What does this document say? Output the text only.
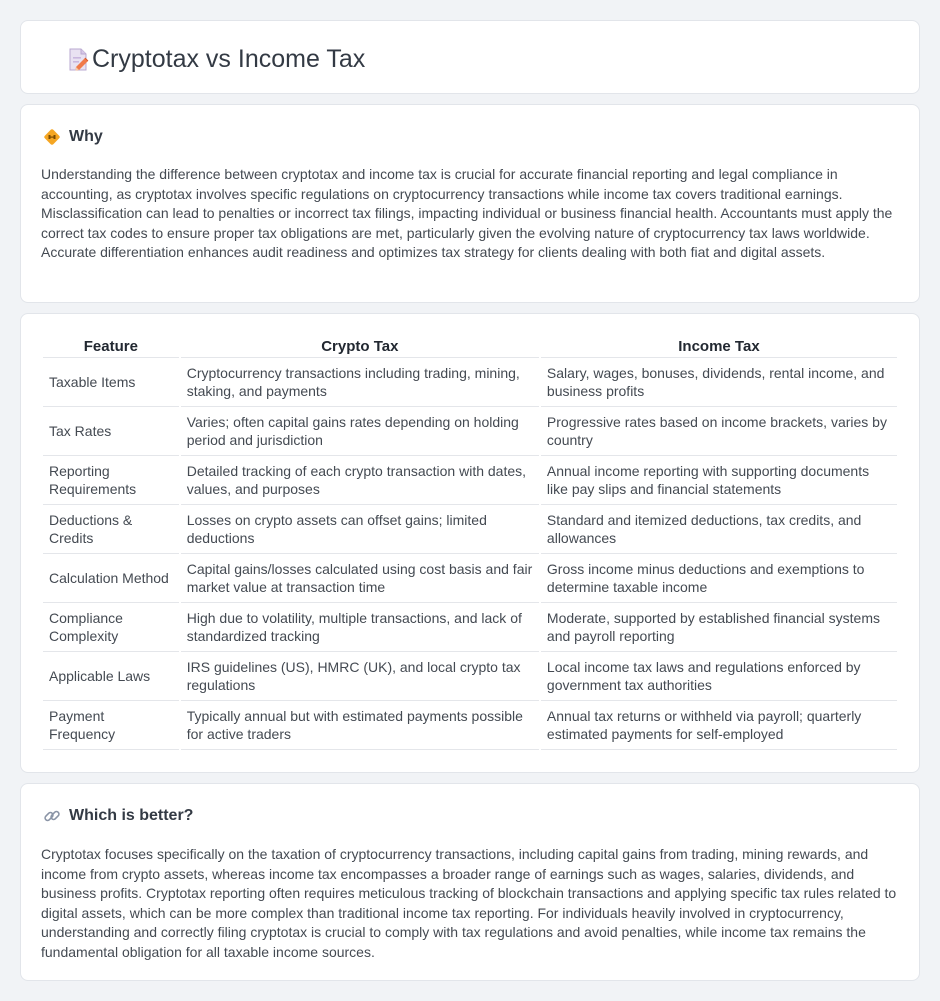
Cryptotax vs Income Tax
Why

Understanding the difference between cryptotax and income tax is crucial for accurate financial reporting and legal compliance in accounting, as cryptotax involves specific regulations on cryptocurrency transactions while income tax covers traditional earnings. Misclassification can lead to penalties or incorrect tax filings, impacting individual or business financial health. Accountants must apply the correct tax codes to ensure proper tax obligations are met, particularly given the evolving nature of cryptocurrency tax laws worldwide. Accurate differentiation enhances audit readiness and optimizes tax strategy for clients dealing with both fiat and digital assets.

Feature	Crypto Tax	Income Tax
Taxable Items	Cryptocurrency transactions including trading, mining, staking, and payments	Salary, wages, bonuses, dividends, rental income, and business profits
Tax Rates	Varies; often capital gains rates depending on holding period and jurisdiction	Progressive rates based on income brackets, varies by country
Reporting Requirements	Detailed tracking of each crypto transaction with dates, values, and purposes	Annual income reporting with supporting documents like pay slips and financial statements
Deductions & Credits	Losses on crypto assets can offset gains; limited deductions	Standard and itemized deductions, tax credits, and allowances
Calculation Method	Capital gains/losses calculated using cost basis and fair market value at transaction time	Gross income minus deductions and exemptions to determine taxable income
Compliance Complexity	High due to volatility, multiple transactions, and lack of standardized tracking	Moderate, supported by established financial systems and payroll reporting
Applicable Laws	IRS guidelines (US), HMRC (UK), and local crypto tax regulations	Local income tax laws and regulations enforced by government tax authorities
Payment Frequency	Typically annual but with estimated payments possible for active traders	Annual tax returns or withheld via payroll; quarterly estimated payments for self-employed
Which is better?

Cryptotax focuses specifically on the taxation of cryptocurrency transactions, including capital gains from trading, mining rewards, and income from crypto assets, whereas income tax encompasses a broader range of earnings such as wages, salaries, dividends, and business profits. Cryptotax reporting often requires meticulous tracking of blockchain transactions and applying specific tax rules related to digital assets, which can be more complex than traditional income tax reporting. For individuals heavily involved in cryptocurrency, understanding and correctly filing cryptotax is crucial to comply with tax regulations and avoid penalties, while income tax remains the fundamental obligation for all taxable income sources.
